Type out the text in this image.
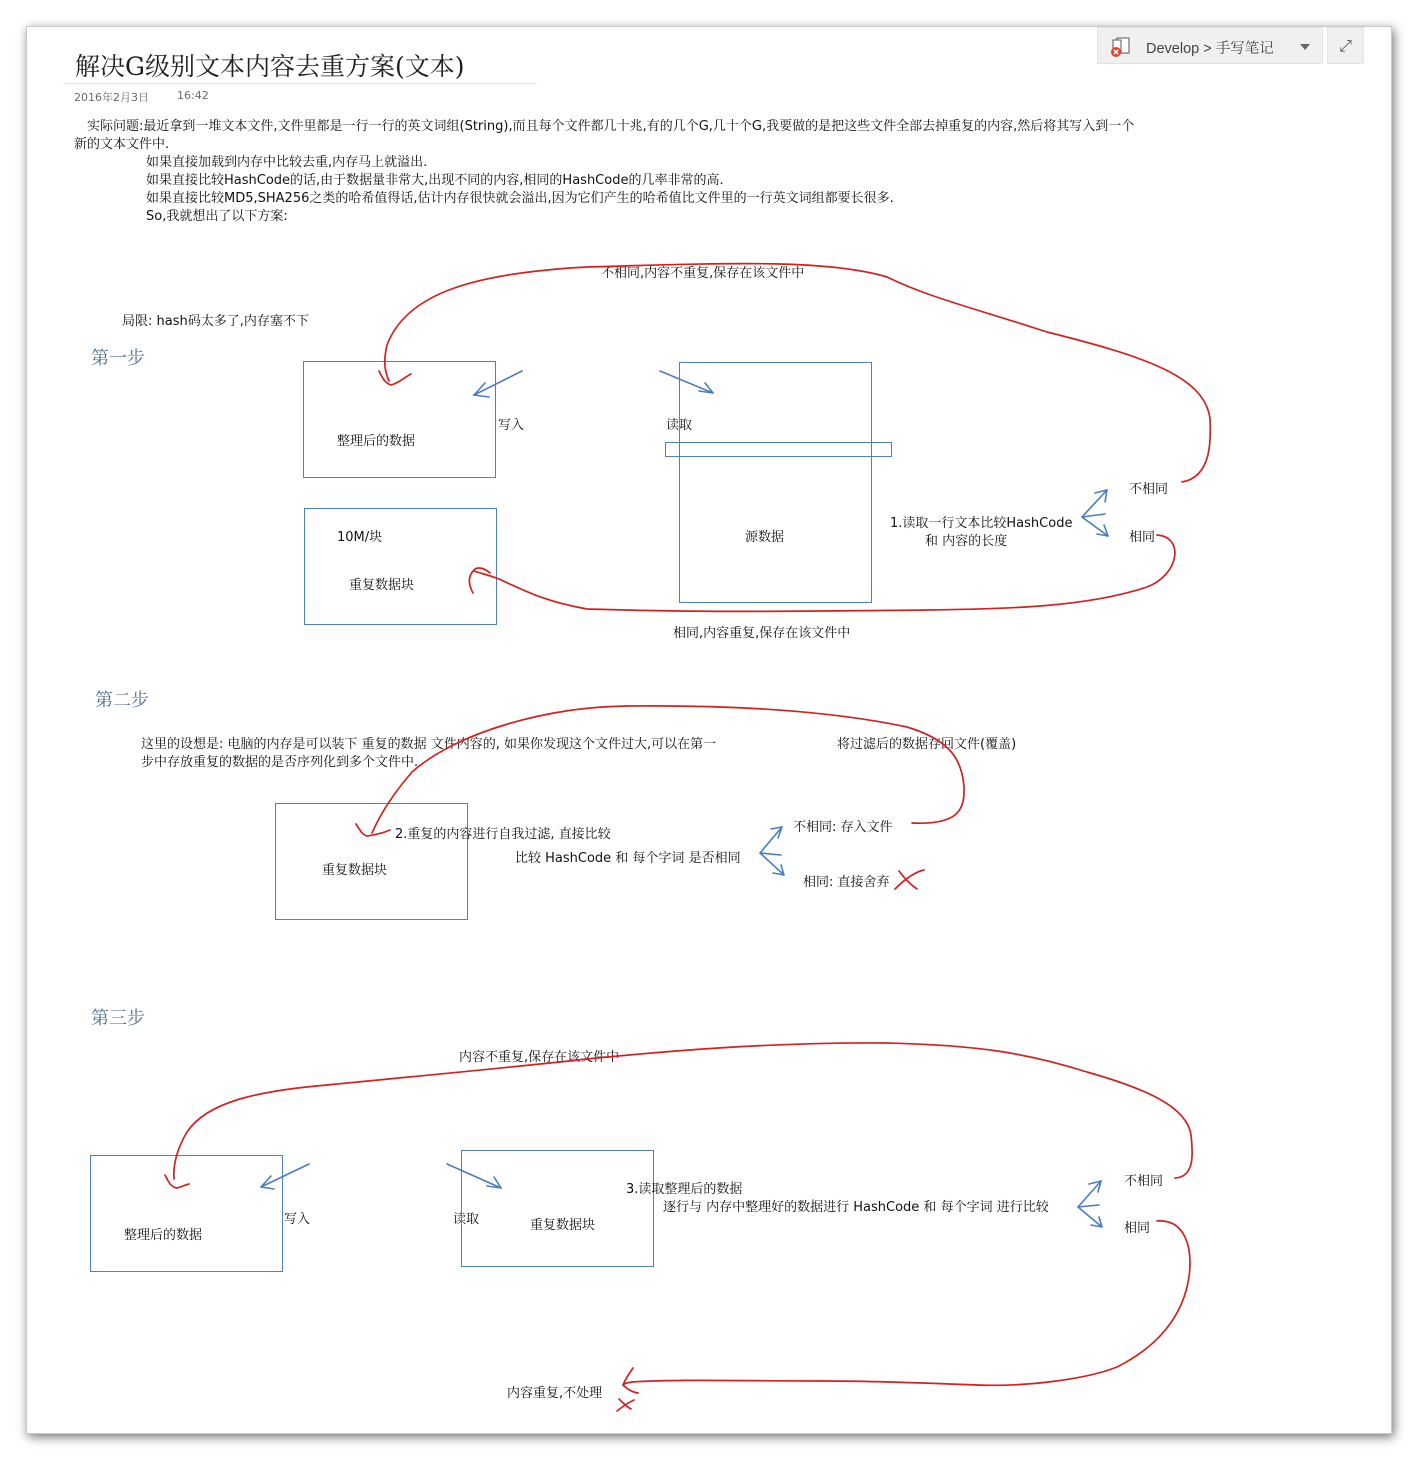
解决G级别文本内容去重方案(文本)
2016年2月3日	16:42
Develop > 手写笔记	⤢
实际问题:最近拿到一堆文本文件,文件里都是一行一行的英文词组(String),而且每个文件都几十兆,有的几个G,几十个G,我要做的是把这些文件全部去掉重复的内容,然后将其写入到一个
新的文本文件中.
如果直接加载到内存中比较去重,内存马上就溢出.
如果直接比较HashCode的话,由于数据量非常大,出现不同的内容,相同的HashCode的几率非常的高.
如果直接比较MD5,SHA256之类的哈希值得话,估计内存很快就会溢出,因为它们产生的哈希值比文件里的一行英文词组都要长很多.
So,我就想出了以下方案:
不相同,内容不重复,保存在该文件中
局限: hash码太多了,内存塞不下
第一步
整理后的数据
写入	读取
源数据
10M/块
重复数据块
1.读取一行文本比较HashCode
和 内容的长度
不相同
相同
相同,内容重复,保存在该文件中
第二步
这里的设想是: 电脑的内存是可以装下 重复的数据 文件内容的, 如果你发现这个文件过大,可以在第一
步中存放重复的数据的是否序列化到多个文件中.
将过滤后的数据存回文件(覆盖)
重复数据块
2.重复的内容进行自我过滤, 直接比较
比较 HashCode 和 每个字词 是否相同
不相同: 存入文件
相同: 直接舍弃
第三步
内容不重复,保存在该文件中
整理后的数据
写入	读取	重复数据块
3.读取整理后的数据
逐行与 内存中整理好的数据进行 HashCode 和 每个字词 进行比较
不相同
相同
内容重复,不处理
